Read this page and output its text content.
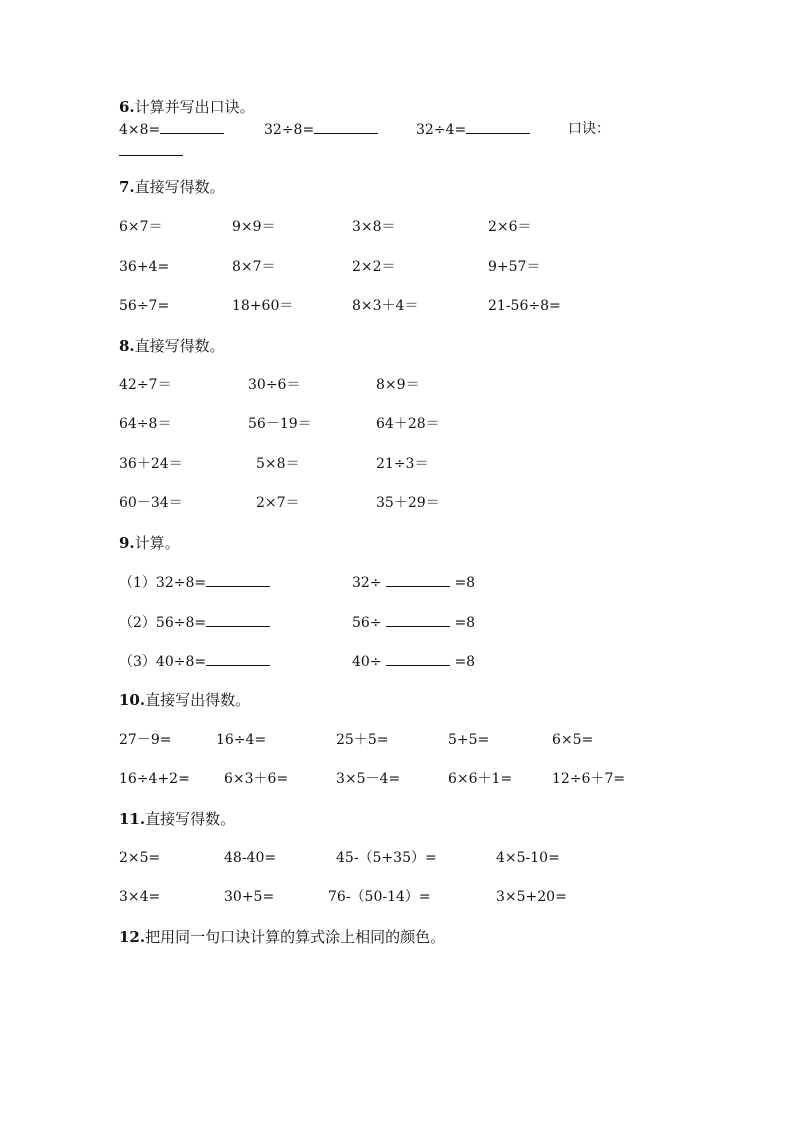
6.计算并写出口诀。
4×8=	32÷8=	32÷4=	口诀：
7.直接写得数。
6×7＝	9×9＝	3×8＝	2×6＝
36+4=	8×7＝	2×2＝	9+57＝
56÷7=	18+60＝	8×3＋4＝	21-56÷8=
8.直接写得数。
42÷7＝	30÷6＝	8×9＝
64÷8＝	56－19＝	64＋28＝
36＋24＝	5×8＝	21÷3＝
60－34＝	2×7＝	35＋29＝
9.计算。
（1）32÷8=	32÷	=8
（2）56÷8=	56÷	=8
（3）40÷8=	40÷	=8
10.直接写出得数。
27－9=	16÷4=	25＋5=	5+5=	6×5=
16÷4+2= 6×3＋6=	3×5－4=	6×6＋1=	12÷6＋7=
11.直接写得数。
2×5=	48-40=	45-（5+35）=	4×5-10=
3×4=	30+5=	76-（50-14）=	3×5+20=
12.把用同一句口诀计算的算式涂上相同的颜色。
